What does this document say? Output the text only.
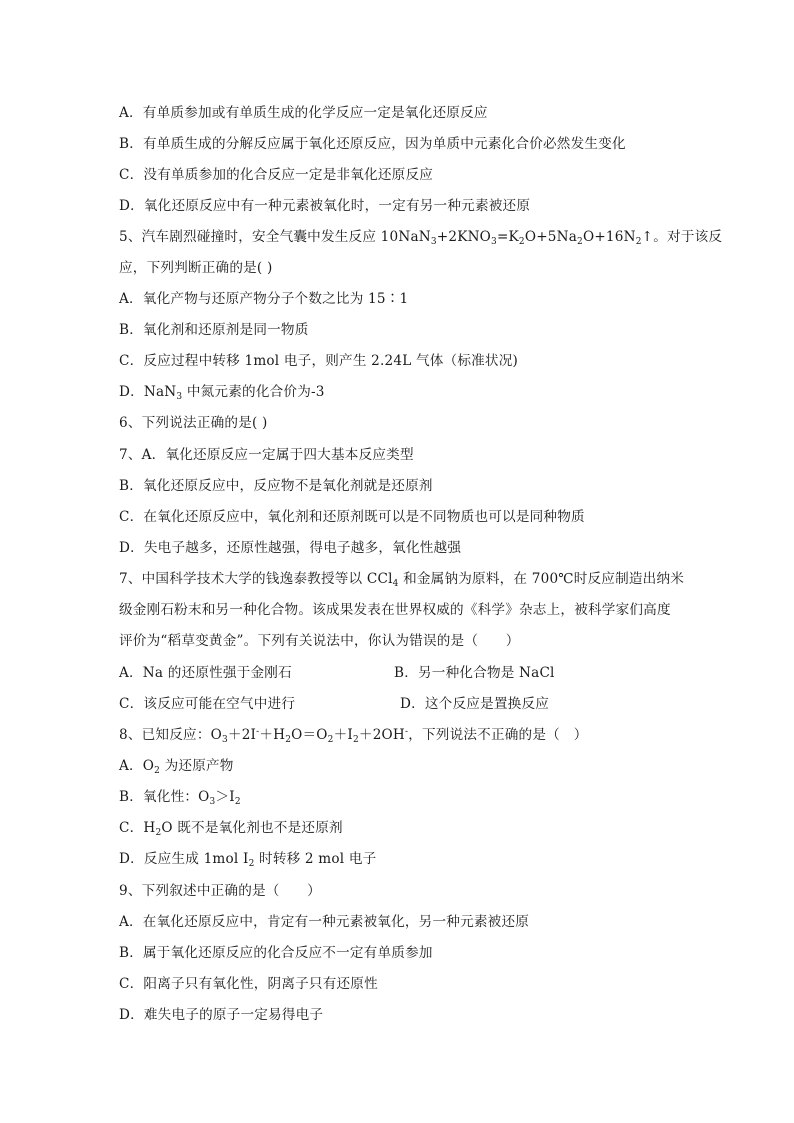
A．有单质参加或有单质生成的化学反应一定是氧化还原反应
B．有单质生成的分解反应属于氧化还原反应，因为单质中元素化合价必然发生变化
C．没有单质参加的化合反应一定是非氧化还原反应
D．氧化还原反应中有一种元素被氧化时，一定有另一种元素被还原
5、汽车剧烈碰撞时，安全气囊中发生反应 $10NaN_3+2KNO_3=K_2O+5Na_2O+16N_2↑$。对于该反
应，下列判断正确的是( )
A．氧化产物与还原产物分子个数之比为 15∶1
B．氧化剂和还原剂是同一物质
C．反应过程中转移 1mol 电子，则产生 2.24L 气体（标准状况)
D．NaN$_3$ 中氮元素的化合价为-3
6、下列说法正确的是( )
7、A．氧化还原反应一定属于四大基本反应类型
B．氧化还原反应中，反应物不是氧化剂就是还原剂
C．在氧化还原反应中，氧化剂和还原剂既可以是不同物质也可以是同种物质
D．失电子越多，还原性越强，得电子越多，氧化性越强
7、中国科学技术大学的钱逸泰教授等以 CCl$_4$ 和金属钠为原料，在 700℃时反应制造出纳米
级金刚石粉末和另一种化合物。该成果发表在世界权威的《科学》杂志上，被科学家们高度
评价为“稻草变黄金”。下列有关说法中，你认为错误的是（　　）
A．Na 的还原性强于金刚石	B．另一种化合物是 NaCl
C．该反应可能在空气中进行	D．这个反应是置换反应
8、已知反应：$O_3+2I^-+H_2O=O_2+I_2+2OH^-$，下列说法不正确的是（　）
A．$O_2$ 为还原产物
B．氧化性：$O_3>I_2$
C．$H_2O$ 既不是氧化剂也不是还原剂
D．反应生成 1mol $I_2$ 时转移 2 mol 电子
9、下列叙述中正确的是（　　）
A．在氧化还原反应中，肯定有一种元素被氧化，另一种元素被还原
B．属于氧化还原反应的化合反应不一定有单质参加
C．阳离子只有氧化性，阴离子只有还原性
D．难失电子的原子一定易得电子
